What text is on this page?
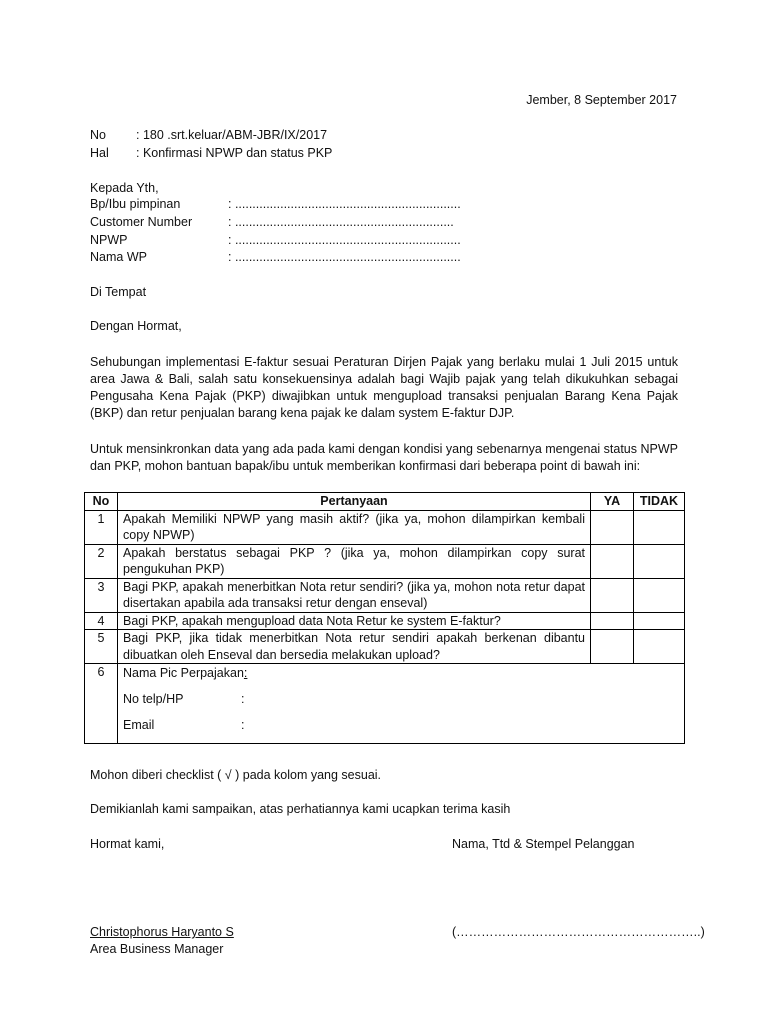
Jember, 8 September 2017
No : 180 .srt.keluar/ABM-JBR/IX/2017
Hal : Konfirmasi NPWP dan status PKP
Kepada Yth,
Bp/Ibu pimpinan	: .................................................................
Customer Number	: ...............................................................
NPWP	: .................................................................
Nama WP	: .................................................................
Di Tempat
Dengan Hormat,
Sehubungan implementasi E-faktur sesuai Peraturan Dirjen Pajak yang berlaku mulai 1 Juli 2015 untuk area Jawa & Bali, salah satu konsekuensinya adalah bagi Wajib pajak yang telah dikukuhkan sebagai Pengusaha Kena Pajak (PKP) diwajibkan untuk mengupload transaksi penjualan Barang Kena Pajak (BKP) dan retur penjualan barang kena pajak ke dalam system E-faktur DJP.
Untuk mensinkronkan data yang ada pada kami dengan kondisi yang sebenarnya mengenai status NPWP dan PKP, mohon bantuan bapak/ibu untuk memberikan konfirmasi dari beberapa point di bawah ini:
No	Pertanyaan	YA	TIDAK
1	Apakah Memiliki NPWP yang masih aktif? (jika ya, mohon dilampirkan kembali copy NPWP)		
2	Apakah berstatus sebagai PKP ? (jika ya, mohon dilampirkan copy surat pengukuhan PKP)		
3	Bagi PKP, apakah menerbitkan Nota retur sendiri? (jika ya, mohon nota retur dapat disertakan apabila ada transaksi retur dengan enseval)		
4	Bagi PKP, apakah mengupload data Nota Retur ke system E-faktur?		
5	Bagi PKP, jika tidak menerbitkan Nota retur sendiri apakah berkenan dibantu dibuatkan oleh Enseval dan bersedia melakukan upload?		
6	Nama Pic Perpajakan:
No telp/HP :
Email :		
Mohon diberi checklist ( √ ) pada kolom yang sesuai.
Demikianlah kami sampaikan, atas perhatiannya kami ucapkan terima kasih
Hormat kami,	Nama, Ttd & Stempel Pelanggan
Christophorus Haryanto S
Area Business Manager
(…………………………………………………..)
